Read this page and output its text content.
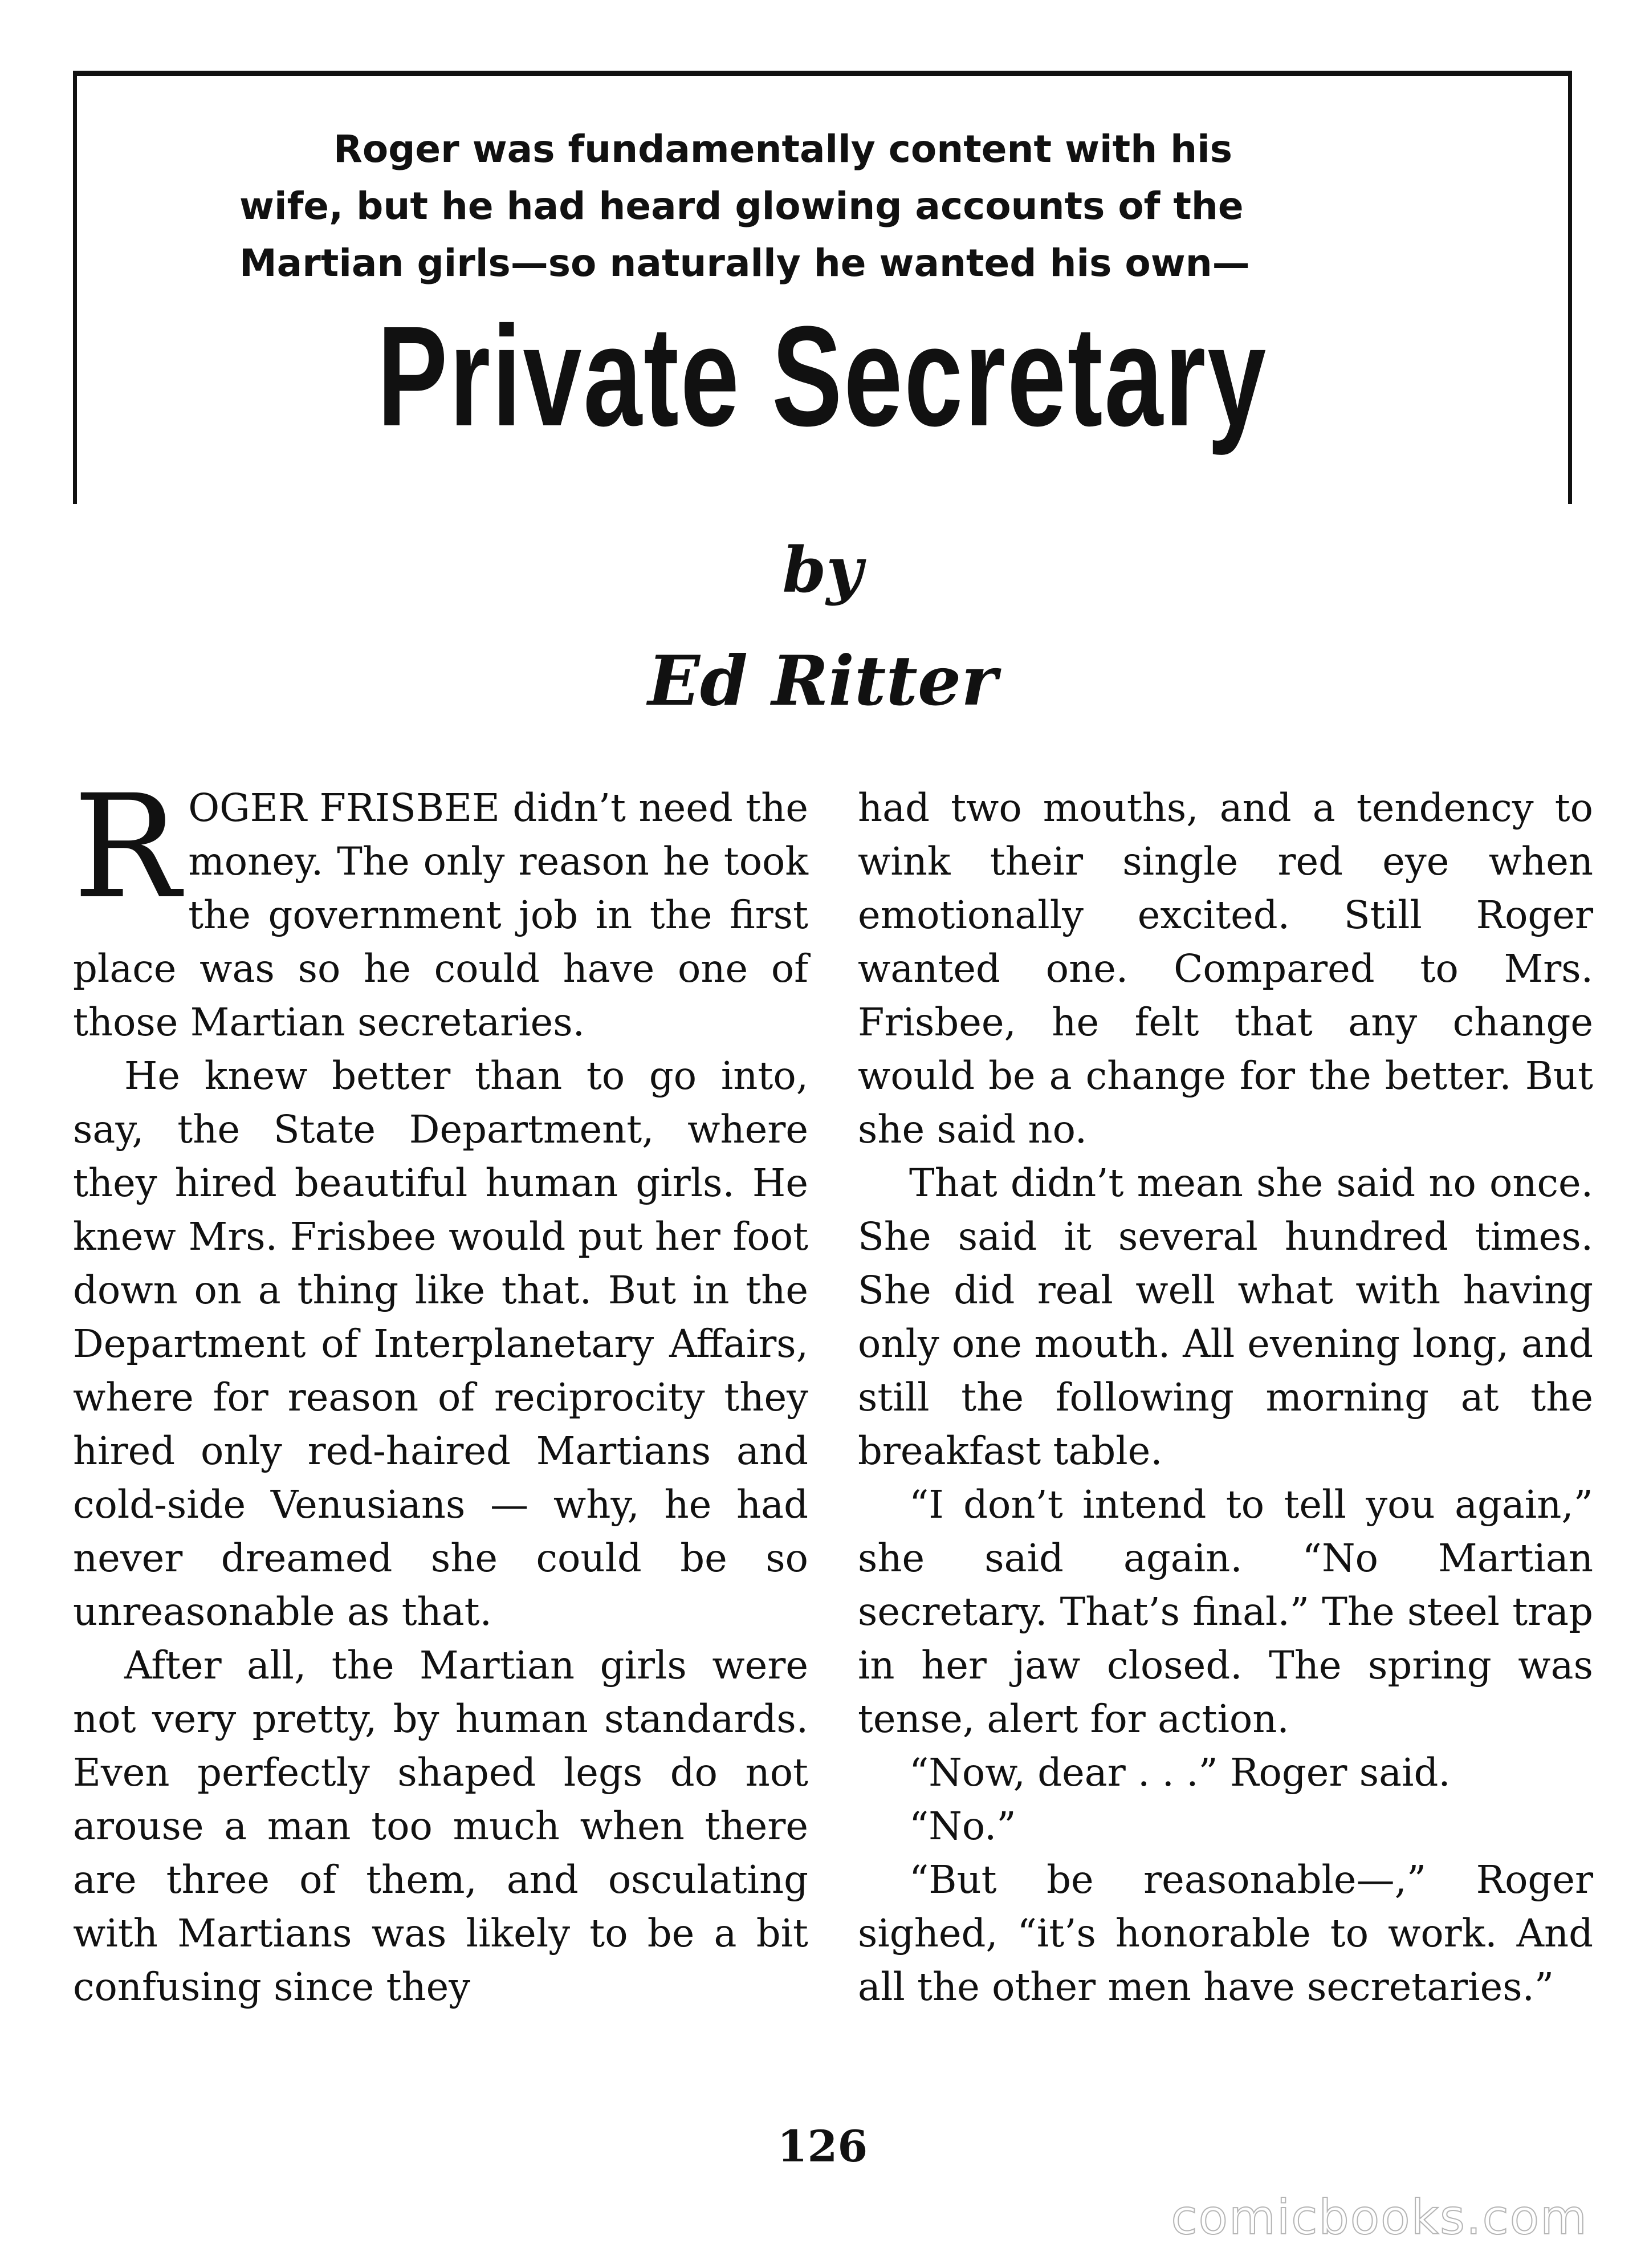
Roger was fundamentally content with his
wife, but he had heard glowing accounts of the
Martian girls—so naturally he wanted his own—
Private Secretary
by
Ed Ritter

ROGER FRISBEE didn’t need the money. The only reason he took the government job in the first place was so he could have one of those Martian secretaries.

He knew better than to go into, say, the State Department, where they hired beautiful human girls. He knew Mrs. Frisbee would put her foot down on a thing like that. But in the Department of Interplanetary Affairs, where for reason of reciprocity they hired only red-haired Martians and cold-side Venusians — why, he had never dreamed she could be so unreasonable as that.

After all, the Martian girls were not very pretty, by human standards. Even perfectly shaped legs do not arouse a man too much when there are three of them, and osculating with Martians was likely to be a bit confusing since they

had two mouths, and a tendency to wink their single red eye when emotionally excited. Still Roger wanted one. Compared to Mrs. Frisbee, he felt that any change would be a change for the better. But she said no.

That didn’t mean she said no once. She said it several hundred times. She did real well what with having only one mouth. All evening long, and still the following morning at the breakfast table.

“I don’t intend to tell you again,” she said again. “No Martian secretary. That’s final.” The steel trap in her jaw closed. The spring was tense, alert for action.

“Now, dear . . .” Roger said.

“No.”

“But be reasonable—,” Roger sighed, “it’s honorable to work. And all the other men have secretaries.”

126
comicbooks.com
